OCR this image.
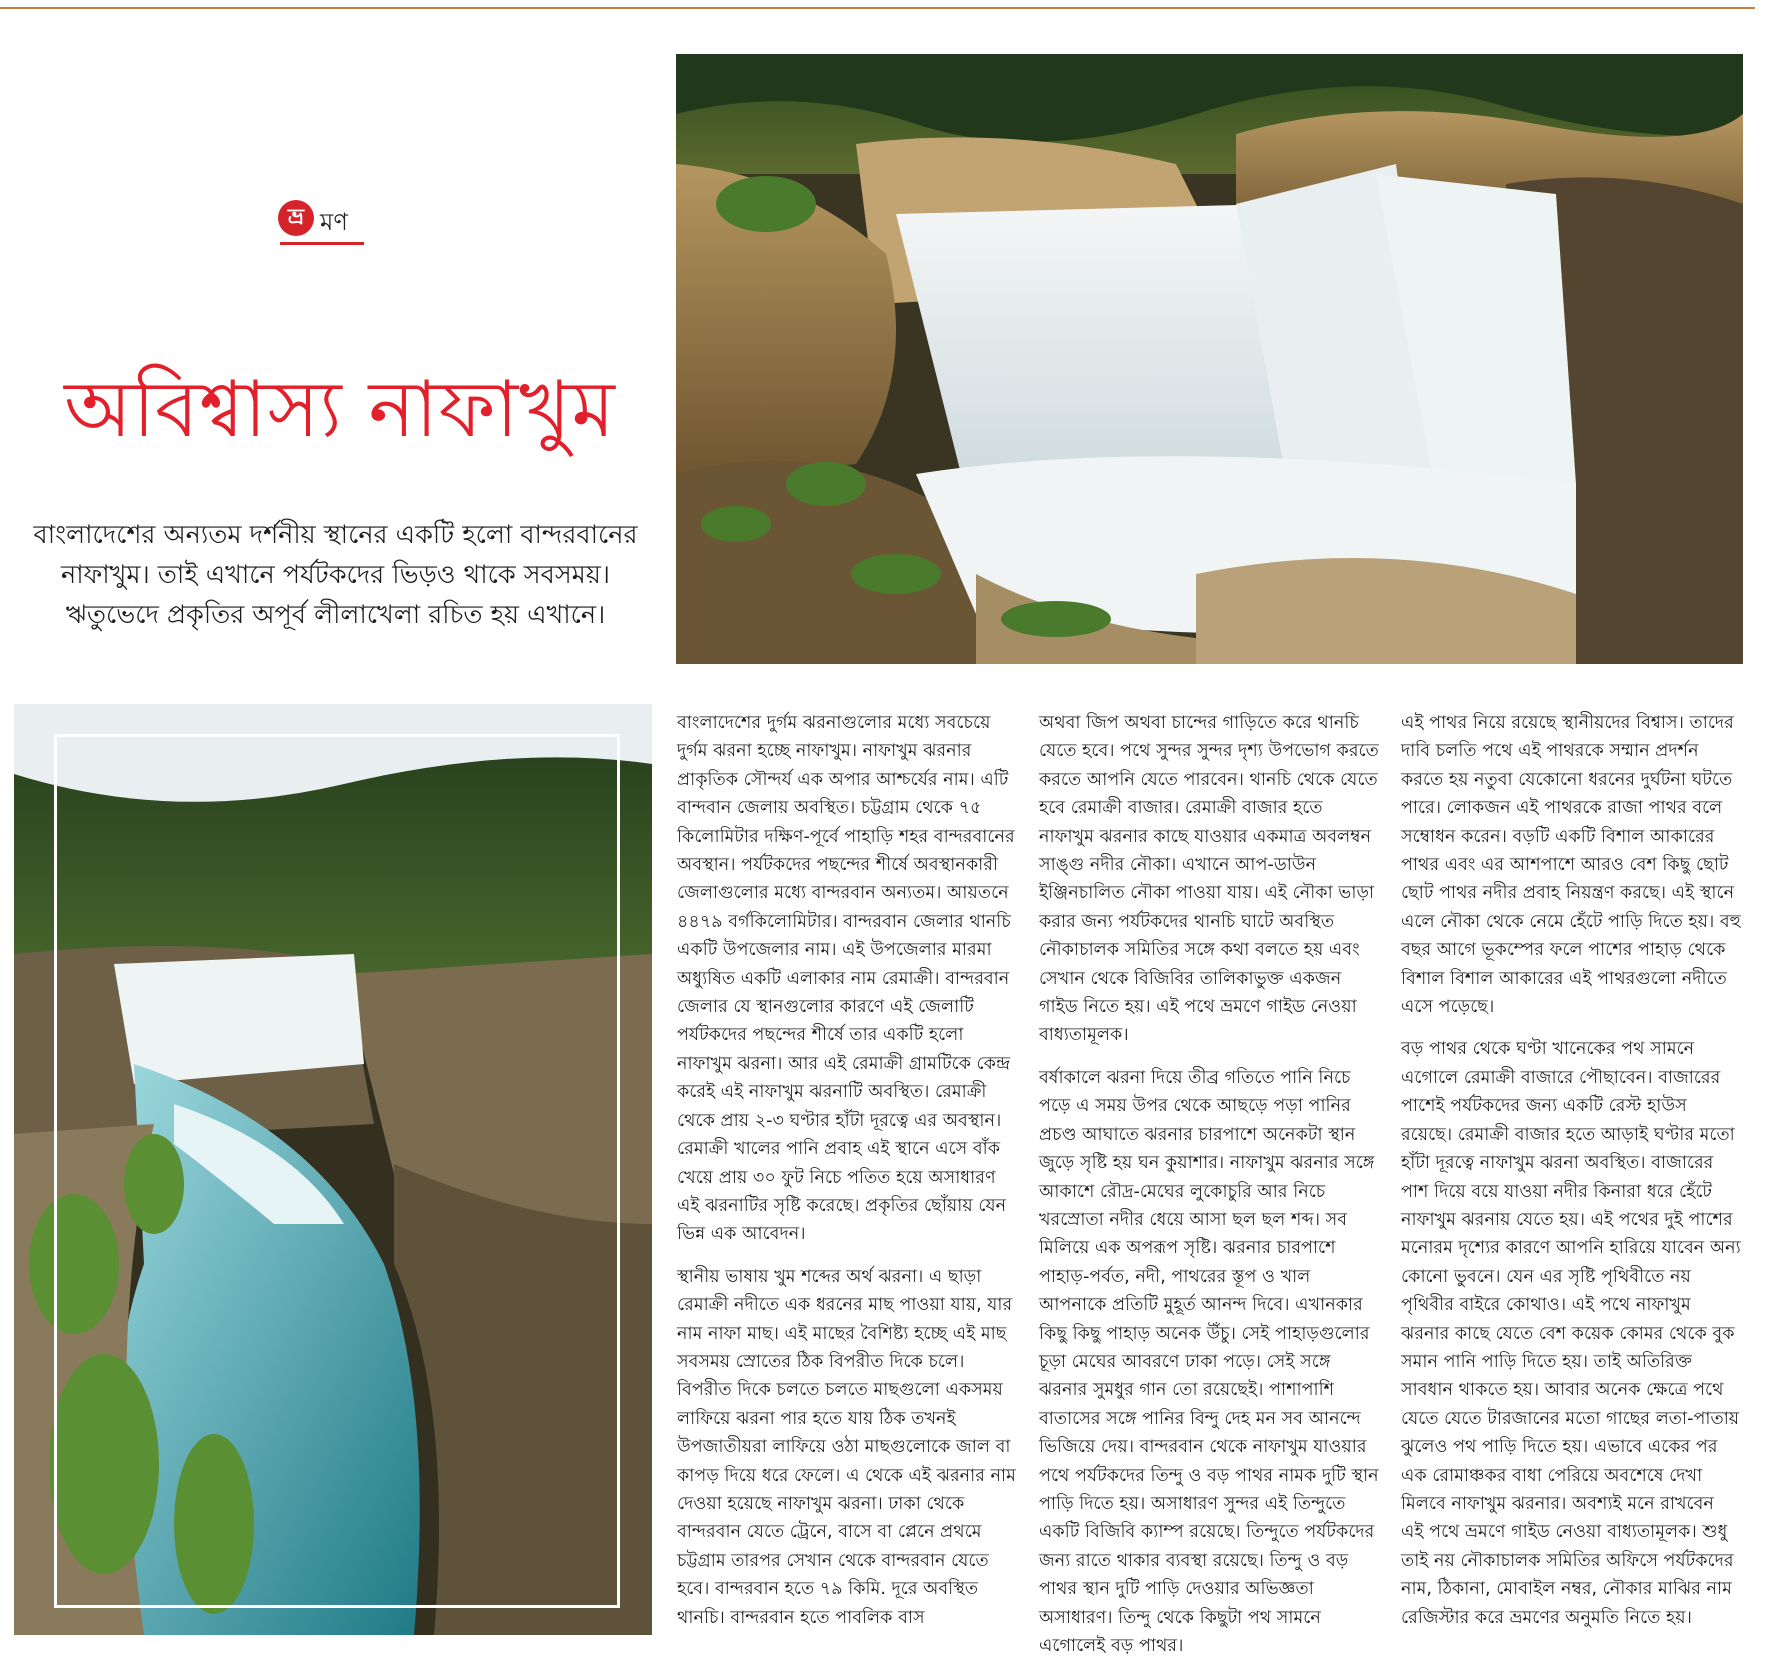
ভ্র মণ
অবিশ্বাস্য নাফাখুম
বাংলাদেশের অন্যতম দর্শনীয় স্থানের একটি হলো বান্দরবানের নাফাখুম। তাই এখানে পর্যটকদের ভিড়ও থাকে সবসময়। ঋতুভেদে প্রকৃতির অপূর্ব লীলাখেলা রচিত হয় এখানে।

বাংলাদেশের দুর্গম ঝরনাগুলোর মধ্যে সবচেয়ে দুর্গম ঝরনা হচ্ছে নাফাখুম। নাফাখুম ঝরনার প্রাকৃতিক সৌন্দর্য এক অপার আশ্চর্যের নাম। এটি বান্দবান জেলায় অবস্থিত। চট্টগ্রাম থেকে ৭৫ কিলোমিটার দক্ষিণ-পূর্বে পাহাড়ি শহর বান্দরবানের অবস্থান। পর্যটকদের পছন্দের শীর্ষে অবস্থানকারী জেলাগুলোর মধ্যে বান্দরবান অন্যতম। আয়তনে ৪৪৭৯ বর্গকিলোমিটার। বান্দরবান জেলার থানচি একটি উপজেলার নাম। এই উপজেলার মারমা অধ্যুষিত একটি এলাকার নাম রেমাক্রী। বান্দরবান জেলার যে স্থানগুলোর কারণে এই জেলাটি পর্যটকদের পছন্দের শীর্ষে তার একটি হলো নাফাখুম ঝরনা। আর এই রেমাক্রী গ্রামটিকে কেন্দ্র করেই এই নাফাখুম ঝরনাটি অবস্থিত। রেমাক্রী থেকে প্রায় ২-৩ ঘণ্টার হাঁটা দূরত্বে এর অবস্থান। রেমাক্রী খালের পানি প্রবাহ এই স্থানে এসে বাঁক খেয়ে প্রায় ৩০ ফুট নিচে পতিত হয়ে অসাধারণ এই ঝরনাটির সৃষ্টি করেছে। প্রকৃতির ছোঁয়ায় যেন ভিন্ন এক আবেদন।

স্থানীয় ভাষায় খুম শব্দের অর্থ ঝরনা। এ ছাড়া রেমাক্রী নদীতে এক ধরনের মাছ পাওয়া যায়, যার নাম নাফা মাছ। এই মাছের বৈশিষ্ট্য হচ্ছে এই মাছ সবসময় স্রোতের ঠিক বিপরীত দিকে চলে। বিপরীত দিকে চলতে চলতে মাছগুলো একসময় লাফিয়ে ঝরনা পার হতে যায় ঠিক তখনই উপজাতীয়রা লাফিয়ে ওঠা মাছগুলোকে জাল বা কাপড় দিয়ে ধরে ফেলে। এ থেকে এই ঝরনার নাম দেওয়া হয়েছে নাফাখুম ঝরনা। ঢাকা থেকে বান্দরবান যেতে ট্রেনে, বাসে বা প্লেনে প্রথমে চট্টগ্রাম তারপর সেখান থেকে বান্দরবান যেতে হবে। বান্দরবান হতে ৭৯ কিমি. দূরে অবস্থিত থানচি। বান্দরবান হতে পাবলিক বাস

অথবা জিপ অথবা চান্দের গাড়িতে করে থানচি যেতে হবে। পথে সুন্দর সুন্দর দৃশ্য উপভোগ করতে করতে আপনি যেতে পারবেন। থানচি থেকে যেতে হবে রেমাক্রী বাজার। রেমাক্রী বাজার হতে নাফাখুম ঝরনার কাছে যাওয়ার একমাত্র অবলম্বন সাঙ্গু নদীর নৌকা। এখানে আপ-ডাউন ইঞ্জিনচালিত নৌকা পাওয়া যায়। এই নৌকা ভাড়া করার জন্য পর্যটকদের থানচি ঘাটে অবস্থিত নৌকাচালক সমিতির সঙ্গে কথা বলতে হয় এবং সেখান থেকে বিজিবির তালিকাভুক্ত একজন গাইড নিতে হয়। এই পথে ভ্রমণে গাইড নেওয়া বাধ্যতামূলক।

বর্ষাকালে ঝরনা দিয়ে তীব্র গতিতে পানি নিচে পড়ে এ সময় উপর থেকে আছড়ে পড়া পানির প্রচণ্ড আঘাতে ঝরনার চারপাশে অনেকটা স্থান জুড়ে সৃষ্টি হয় ঘন কুয়াশার। নাফাখুম ঝরনার সঙ্গে আকাশে রৌদ্র-মেঘের লুকোচুরি আর নিচে খরস্রোতা নদীর ধেয়ে আসা ছল ছল শব্দ। সব মিলিয়ে এক অপরূপ সৃষ্টি। ঝরনার চারপাশে পাহাড়-পর্বত, নদী, পাথরের স্তূপ ও খাল আপনাকে প্রতিটি মুহূর্ত আনন্দ দিবে। এখানকার কিছু কিছু পাহাড় অনেক উঁচু। সেই পাহাড়গুলোর চূড়া মেঘের আবরণে ঢাকা পড়ে। সেই সঙ্গে ঝরনার সুমধুর গান তো রয়েছেই। পাশাপাশি বাতাসের সঙ্গে পানির বিন্দু দেহ মন সব আনন্দে ভিজিয়ে দেয়। বান্দরবান থেকে নাফাখুম যাওয়ার পথে পর্যটকদের তিন্দু ও বড় পাথর নামক দুটি স্থান পাড়ি দিতে হয়। অসাধারণ সুন্দর এই তিন্দুতে একটি বিজিবি ক্যাম্প রয়েছে। তিন্দুতে পর্যটকদের জন্য রাতে থাকার ব্যবস্থা রয়েছে। তিন্দু ও বড় পাথর স্থান দুটি পাড়ি দেওয়ার অভিজ্ঞতা অসাধারণ। তিন্দু থেকে কিছুটা পথ সামনে এগোলেই বড় পাথর।

এই পাথর নিয়ে রয়েছে স্থানীয়দের বিশ্বাস। তাদের দাবি চলতি পথে এই পাথরকে সম্মান প্রদর্শন করতে হয় নতুবা যেকোনো ধরনের দুর্ঘটনা ঘটতে পারে। লোকজন এই পাথরকে রাজা পাথর বলে সম্বোধন করেন। বড়টি একটি বিশাল আকারের পাথর এবং এর আশপাশে আরও বেশ কিছু ছোট ছোট পাথর নদীর প্রবাহ নিয়ন্ত্রণ করছে। এই স্থানে এলে নৌকা থেকে নেমে হেঁটে পাড়ি দিতে হয়। বহু বছর আগে ভূকম্পের ফলে পাশের পাহাড় থেকে বিশাল বিশাল আকারের এই পাথরগুলো নদীতে এসে পড়েছে।

বড় পাথর থেকে ঘণ্টা খানেকের পথ সামনে এগোলে রেমাক্রী বাজারে পৌছাবেন। বাজারের পাশেই পর্যটকদের জন্য একটি রেস্ট হাউস রয়েছে। রেমাক্রী বাজার হতে আড়াই ঘণ্টার মতো হাঁটা দূরত্বে নাফাখুম ঝরনা অবস্থিত। বাজারের পাশ দিয়ে বয়ে যাওয়া নদীর কিনারা ধরে হেঁটে নাফাখুম ঝরনায় যেতে হয়। এই পথের দুই পাশের মনোরম দৃশ্যের কারণে আপনি হারিয়ে যাবেন অন্য কোনো ভুবনে। যেন এর সৃষ্টি পৃথিবীতে নয় পৃথিবীর বাইরে কোথাও। এই পথে নাফাখুম ঝরনার কাছে যেতে বেশ কয়েক কোমর থেকে বুক সমান পানি পাড়ি দিতে হয়। তাই অতিরিক্ত সাবধান থাকতে হয়। আবার অনেক ক্ষেত্রে পথে যেতে যেতে টারজানের মতো গাছের লতা-পাতায় ঝুলেও পথ পাড়ি দিতে হয়। এভাবে একের পর এক রোমাঞ্চকর বাধা পেরিয়ে অবশেষে দেখা মিলবে নাফাখুম ঝরনার। অবশ্যই মনে রাখবেন এই পথে ভ্রমণে গাইড নেওয়া বাধ্যতামূলক। শুধু তাই নয় নৌকাচালক সমিতির অফিসে পর্যটকদের নাম, ঠিকানা, মোবাইল নম্বর, নৌকার মাঝির নাম রেজিস্টার করে ভ্রমণের অনুমতি নিতে হয়।
